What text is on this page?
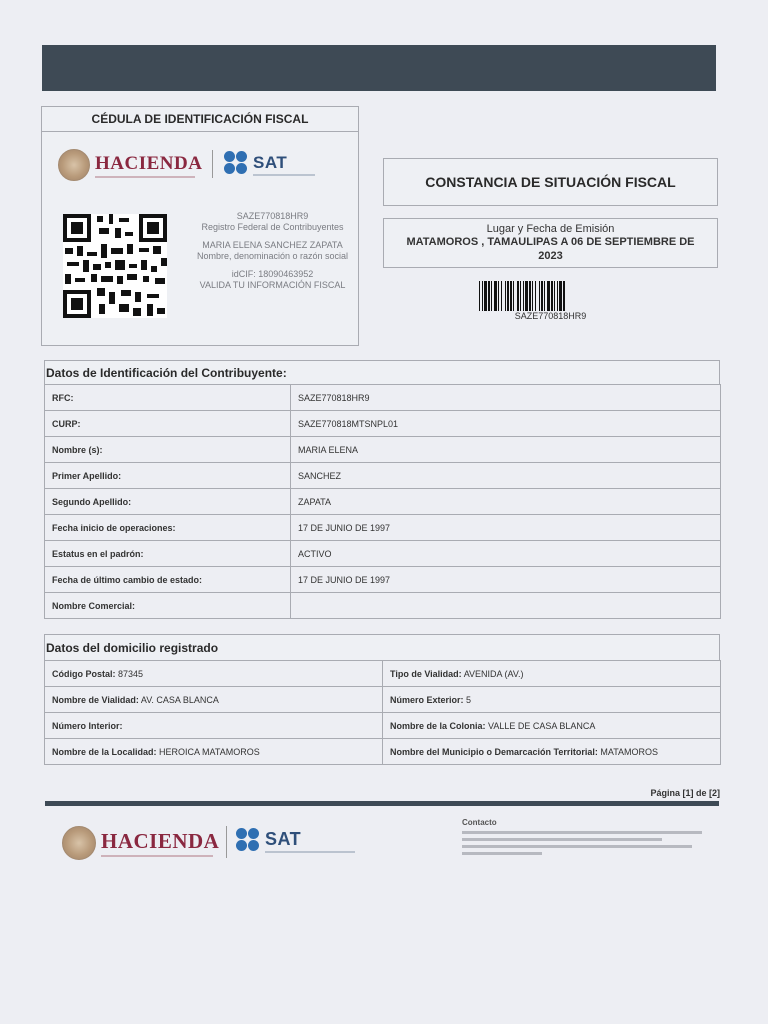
CÉDULA DE IDENTIFICACIÓN FISCAL
HACIENDA	SAT
SAZE770818HR9
Registro Federal de Contribuyentes
MARIA ELENA SANCHEZ ZAPATA
Nombre, denominación o razón social
idCIF: 18090463952
VALIDA TU INFORMACIÓN FISCAL
CONSTANCIA DE SITUACIÓN FISCAL
Lugar y Fecha de Emisión
MATAMOROS , TAMAULIPAS A 06 DE SEPTIEMBRE DE 2023
SAZE770818HR9
Datos de Identificación del Contribuyente:
RFC:	SAZE770818HR9
CURP:	SAZE770818MTSNPL01
Nombre (s):	MARIA ELENA
Primer Apellido:	SANCHEZ
Segundo Apellido:	ZAPATA
Fecha inicio de operaciones:	17 DE JUNIO DE 1997
Estatus en el padrón:	ACTIVO
Fecha de último cambio de estado:	17 DE JUNIO DE 1997
Nombre Comercial:	
Datos del domicilio registrado
Código Postal: 87345	Tipo de Vialidad: AVENIDA (AV.)
Nombre de Vialidad: AV. CASA BLANCA	Número Exterior: 5
Número Interior:	Nombre de la Colonia: VALLE DE CASA BLANCA
Nombre de la Localidad: HEROICA MATAMOROS	Nombre del Municipio o Demarcación Territorial: MATAMOROS
Página [1] de [2]
HACIENDA	SAT
Contacto
